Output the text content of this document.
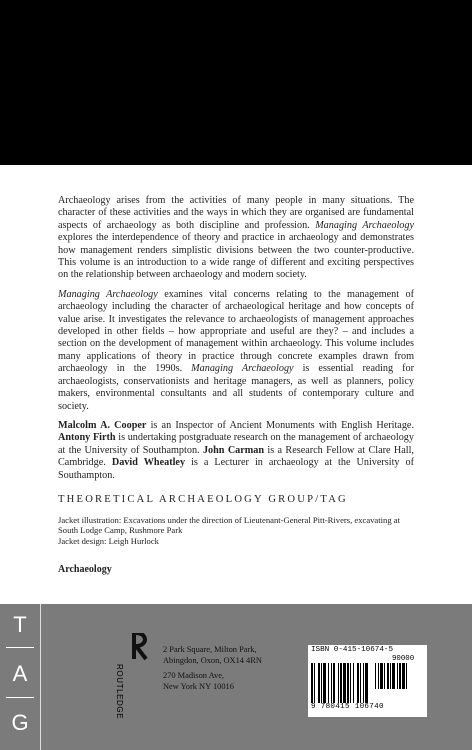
Archaeology arises from the activities of many people in many situations. The character of these activities and the ways in which they are organised are fundamental aspects of archaeology as both discipline and profession. Managing Archaeology explores the interdependence of theory and practice in archaeology and demonstrates how management renders simplistic divisions between the two counter-productive. This volume is an introduction to a wide range of different and exciting perspectives on the relationship between archaeology and modern society.

Managing Archaeology examines vital concerns relating to the management of archaeology including the character of archaeological heritage and how concepts of value arise. It investigates the relevance to archaeologists of management approaches developed in other fields – how appropriate and useful are they? – and includes a section on the development of management within archaeology. This volume includes many applications of theory in practice through concrete examples drawn from archaeology in the 1990s. Managing Archaeology is essential reading for archaeologists, conservationists and heritage managers, as well as planners, policy makers, environmental consultants and all students of contemporary culture and society.

Malcolm A. Cooper is an Inspector of Ancient Monuments with English Heritage. Antony Firth is undertaking postgraduate research on the management of archaeology at the University of Southampton. John Carman is a Research Fellow at Clare Hall, Cambridge. David Wheatley is a Lecturer in archaeology at the University of Southampton.

THEORETICAL ARCHAEOLOGY GROUP/TAG

Jacket illustration: Excavations under the direction of Lieutenant-General Pitt-Rivers, excavating at South Lodge Camp, Rushmore Park

Jacket design: Leigh Hurlock

Archaeology
T
A
G
ROUTLEDGE
2 Park Square, Milton Park,
Abingdon, Oxon, OX14 4RN
270 Madison Ave,
New York NY 10016
ISBN 0-415-10674-5
90000
9 780415 106740
